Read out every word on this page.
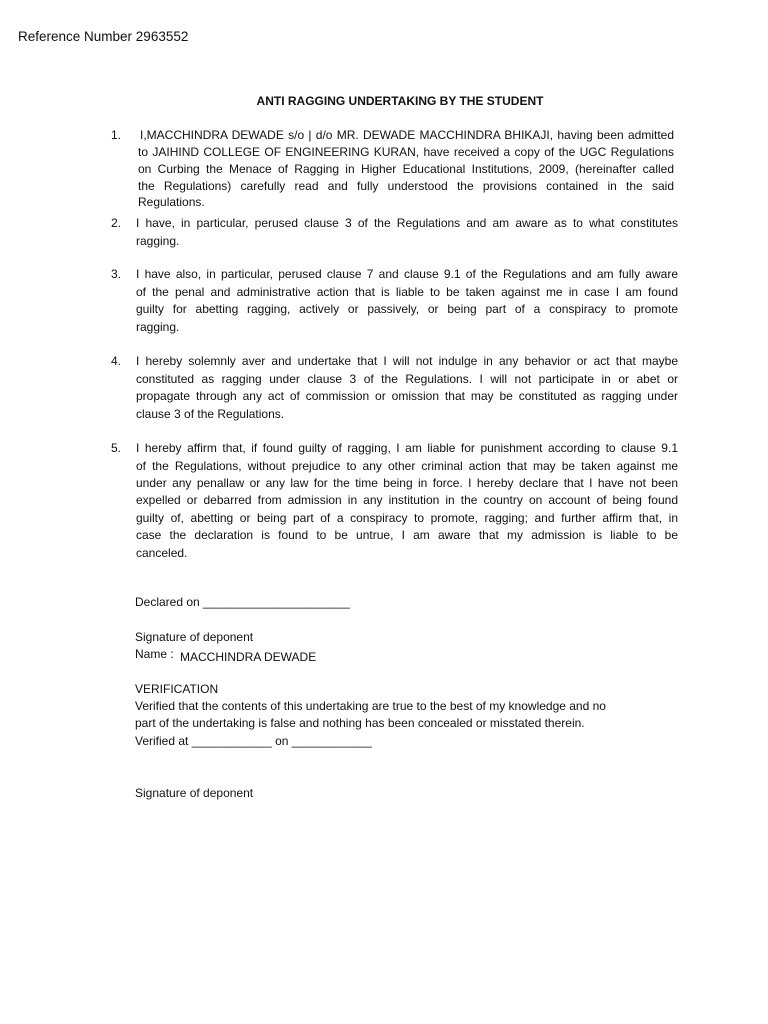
Reference Number 2963552
ANTI RAGGING UNDERTAKING BY THE STUDENT
1. I,MACCHINDRA DEWADE s/o | d/o MR. DEWADE MACCHINDRA BHIKAJI, having been admitted
to JAIHIND COLLEGE OF ENGINEERING KURAN, have received a copy of the UGC Regulations
on Curbing the Menace of Ragging in Higher Educational Institutions, 2009, (hereinafter called
the Regulations) carefully read and fully understood the provisions contained in the said
Regulations.
2. I have, in particular, perused clause 3 of the Regulations and am aware as to what constitutes
ragging.
3. I have also, in particular, perused clause 7 and clause 9.1 of the Regulations and am fully aware
of the penal and administrative action that is liable to be taken against me in case I am found
guilty for abetting ragging, actively or passively, or being part of a conspiracy to promote
ragging.
4. I hereby solemnly aver and undertake that I will not indulge in any behavior or act that maybe
constituted as ragging under clause 3 of the Regulations. I will not participate in or abet or
propagate through any act of commission or omission that may be constituted as ragging under
clause 3 of the Regulations.
5. I hereby affirm that, if found guilty of ragging, I am liable for punishment according to clause 9.1
of the Regulations, without prejudice to any other criminal action that may be taken against me
under any penallaw or any law for the time being in force. I hereby declare that I have not been
expelled or debarred from admission in any institution in the country on account of being found
guilty of, abetting or being part of a conspiracy to promote, ragging; and further affirm that, in
case the declaration is found to be untrue, I am aware that my admission is liable to be
canceled.
Declared on ______________________
Signature of deponent
Name : MACCHINDRA DEWADE
VERIFICATION
Verified that the contents of this undertaking are true to the best of my knowledge and no
part of the undertaking is false and nothing has been concealed or misstated therein.
Verified at ____________ on ____________
Signature of deponent
